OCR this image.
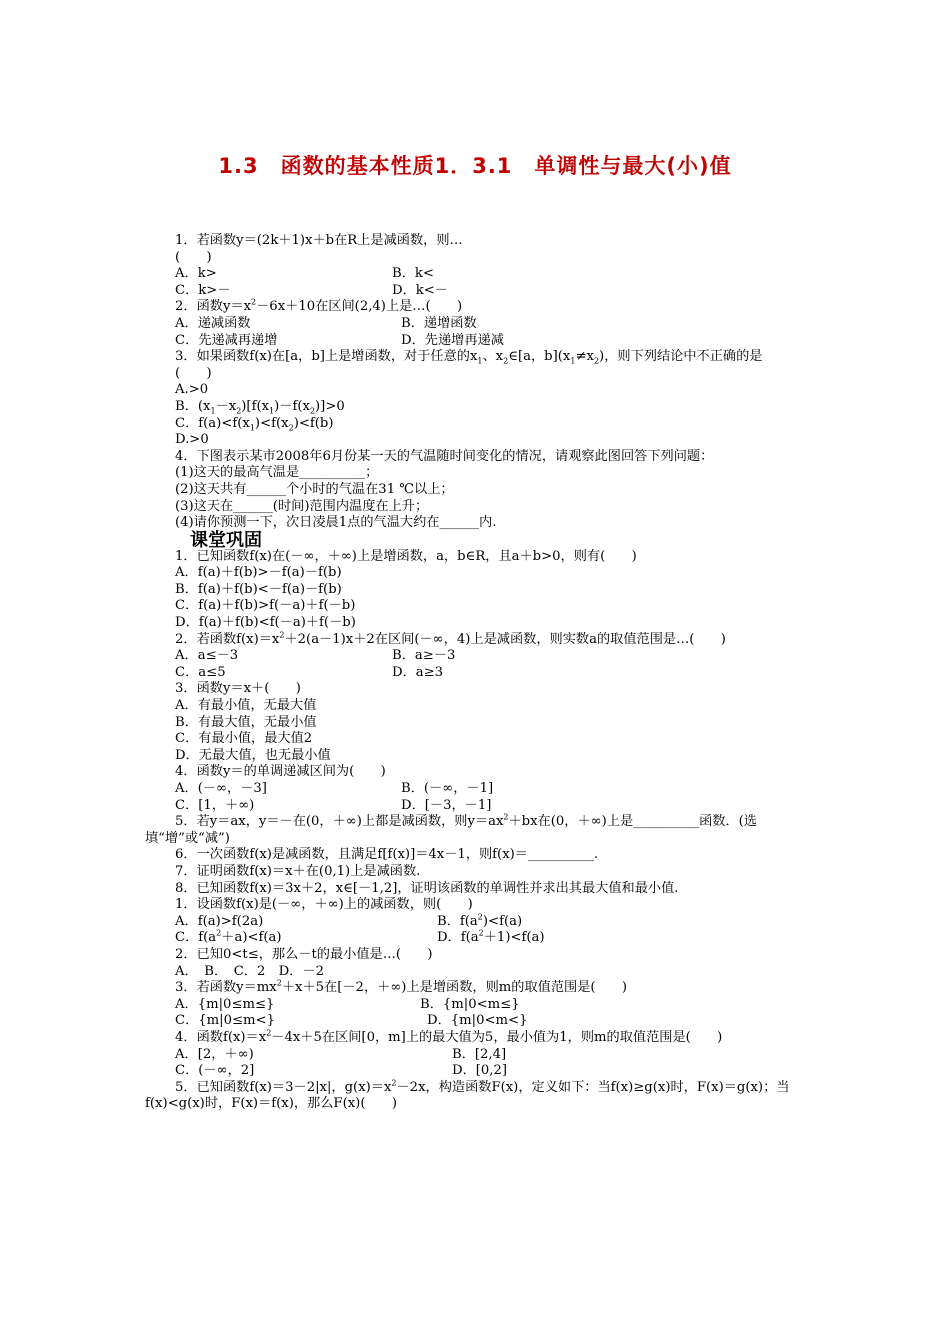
1.3　函数的基本性质1．3.1　单调性与最大(小)值
1．若函数y＝(2k＋1)x＋b在R上是减函数，则…
(　　)
A．k>	B．k<
C．k>－	D．k<－
2．函数$y=x^2-6x+10$在区间(2,4)上是…(　　)
A．递减函数	B．递增函数
C．先递减再递增	D．先递增再递减
3．如果函数f(x)在[a，b]上是增函数，对于任意的$x_1$、$x_2\in[a$，$b](x_1\ne x_2)$，则下列结论中不正确的是
(　　)
A.>0
B．$(x_1-x_2)[f(x_1)-f(x_2)]>0$
C．$f(a)<f(x_1)<f(x_2)<f(b)$
D.>0
4．下图表示某市2008年6月份某一天的气温随时间变化的情况，请观察此图回答下列问题：
(1)这天的最高气温是__________；
(2)这天共有______个小时的气温在31 ℃以上；
(3)这天在______(时间)范围内温度在上升；
(4)请你预测一下，次日凌晨1点的气温大约在______内.
课堂巩固
1．已知函数f(x)在(－∞，＋∞)上是增函数，a，b∈R，且a＋b>0，则有(　　)
A．f(a)＋f(b)>－f(a)－f(b)
B．f(a)＋f(b)<－f(a)－f(b)
C．f(a)＋f(b)>f(－a)＋f(－b)
D．f(a)＋f(b)<f(－a)＋f(－b)
2．若函数$f(x)=x^2+2(a-1)x+2$在区间(－∞，4)上是减函数，则实数a的取值范围是…(　　)
A．a≤－3	B．a≥－3
C．a≤5	D．a≥3
3．函数y＝x＋(　　)
A．有最小值，无最大值
B．有最大值，无最小值
C．有最小值，最大值2
D．无最大值，也无最小值
4．函数y＝的单调递减区间为(　　)
A．(－∞，－3]	B．(－∞，－1]
C．[1，＋∞)	D．[－3，－1]
5．若y＝ax，y＝－在(0，＋∞)上都是减函数，则$y=ax^2+bx$在(0，＋∞)上是__________函数．(选填“增”或“减”)
6．一次函数f(x)是减函数，且满足f[f(x)]＝4x－1，则f(x)＝__________.
7．证明函数f(x)＝x＋在(0,1)上是减函数.
8．已知函数f(x)＝3x＋2，x∈[－1,2]，证明该函数的单调性并求出其最大值和最小值.
1．设函数f(x)是(－∞，＋∞)上的减函数，则(　　)
A．f(a)>f(2a)	B．$f(a^2)<f(a)$
C．$f(a^2+a)<f(a)$	D．$f(a^2+1)<f(a)$
2．已知0<t≤，那么－t的最小值是…(　　)
A．　B．　C．2　D．－2
3．若函数$y=mx^2+x+5$在[－2，＋∞)上是增函数，则m的取值范围是(　　)
A．{m|0≤m≤}	B．{m|0<m≤}
C．{m|0≤m<}	D．{m|0<m<}
4．函数$f(x)=x^2-4x+5$在区间[0，m]上的最大值为5，最小值为1，则m的取值范围是(　　)
A．[2，＋∞)	B．[2,4]
C．(－∞，2]	D．[0,2]
5．已知函数f(x)＝3－2|x|，$g(x)=x^2-2x$，构造函数F(x)，定义如下：当f(x)≥g(x)时，F(x)＝g(x)；当f(x)<g(x)时，F(x)＝f(x)，那么F(x)(　　)
